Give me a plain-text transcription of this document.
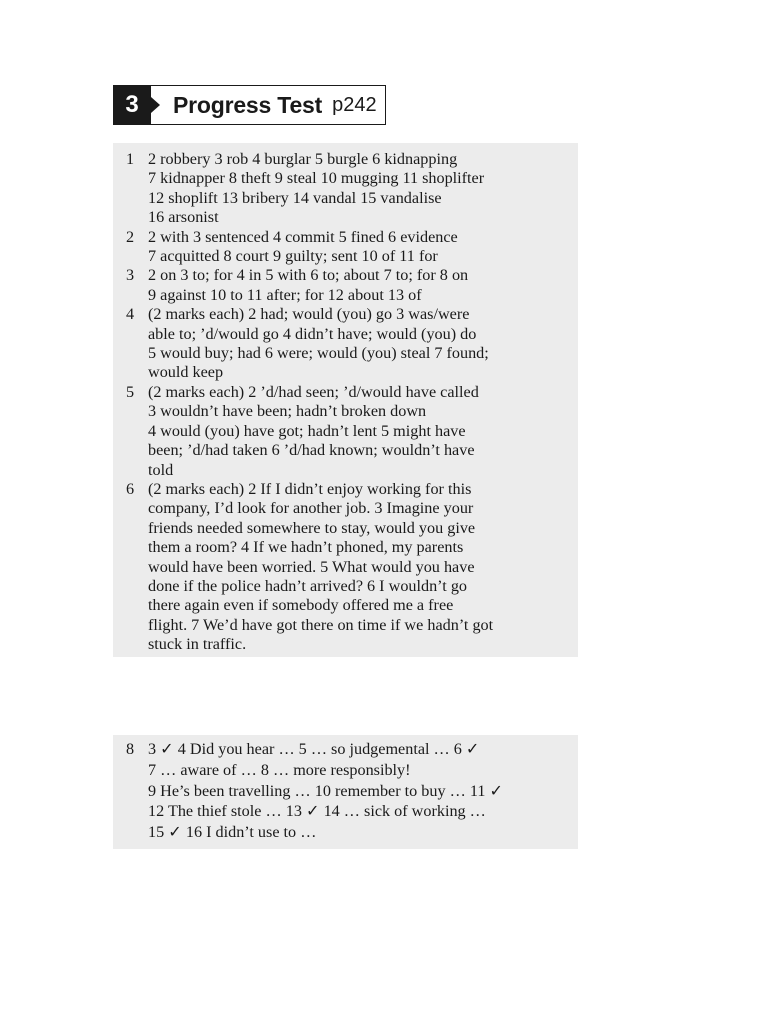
3 Progress Test p242
1 2 robbery 3 rob 4 burglar 5 burgle 6 kidnapping
7 kidnapper 8 theft 9 steal 10 mugging 11 shoplifter
12 shoplift 13 bribery 14 vandal 15 vandalise
16 arsonist
2 2 with 3 sentenced 4 commit 5 fined 6 evidence
7 acquitted 8 court 9 guilty; sent 10 of 11 for
3 2 on 3 to; for 4 in 5 with 6 to; about 7 to; for 8 on
9 against 10 to 11 after; for 12 about 13 of
4 (2 marks each) 2 had; would (you) go 3 was/were
able to; ’d/would go 4 didn’t have; would (you) do
5 would buy; had 6 were; would (you) steal 7 found;
would keep
5 (2 marks each) 2 ’d/had seen; ’d/would have called
3 wouldn’t have been; hadn’t broken down
4 would (you) have got; hadn’t lent 5 might have
been; ’d/had taken 6 ’d/had known; wouldn’t have
told
6 (2 marks each) 2 If I didn’t enjoy working for this
company, I’d look for another job. 3 Imagine your
friends needed somewhere to stay, would you give
them a room? 4 If we hadn’t phoned, my parents
would have been worried. 5 What would you have
done if the police hadn’t arrived? 6 I wouldn’t go
there again even if somebody offered me a free
flight. 7 We’d have got there on time if we hadn’t got
stuck in traffic.
8 3 ✓ 4 Did you hear … 5 … so judgemental … 6 ✓
7 … aware of … 8 … more responsibly!
9 He’s been travelling … 10 remember to buy … 11 ✓
12 The thief stole … 13 ✓ 14 … sick of working …
15 ✓ 16 I didn’t use to …
